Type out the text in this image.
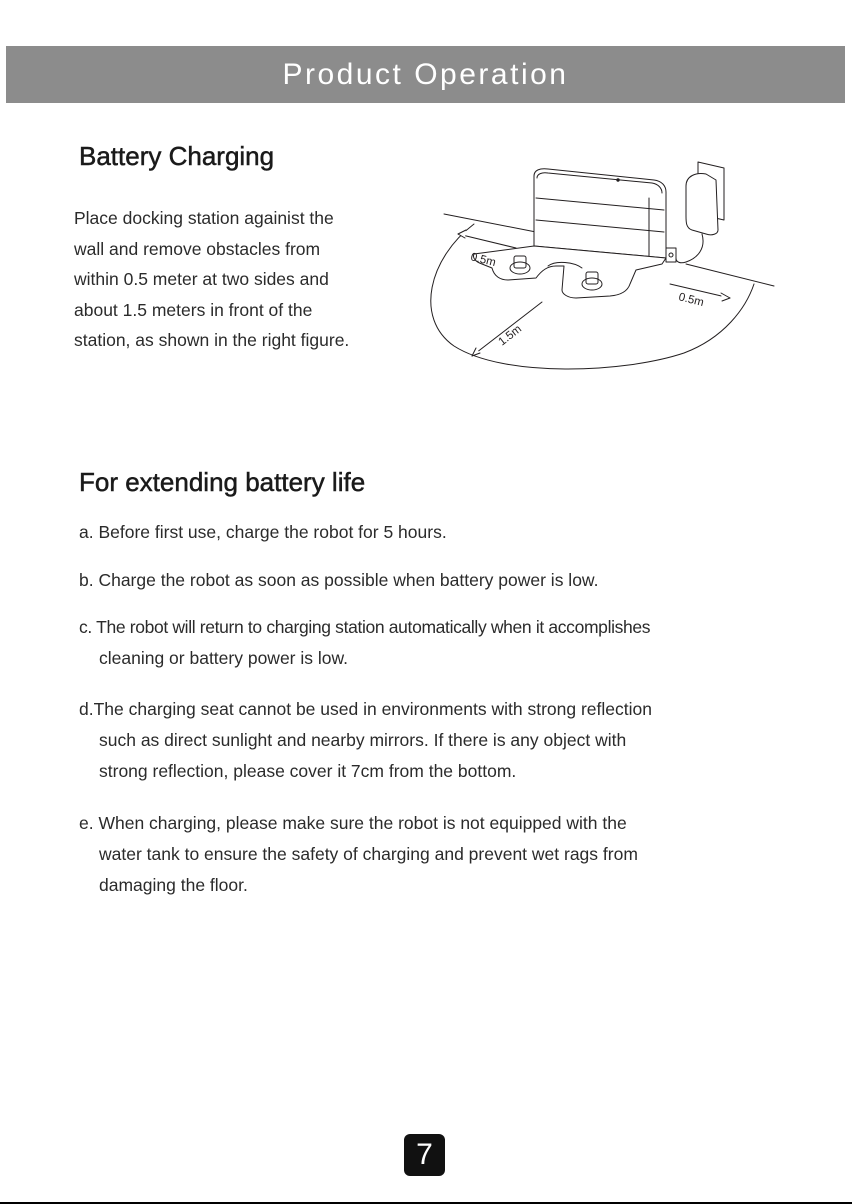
Product Operation
Battery Charging
Place docking station againist the
wall and remove obstacles from
within 0.5 meter at two sides and
about 1.5 meters in front of the
station, as shown in the right figure.
0.5m
0.5m
1.5m
For extending battery life
a. Before first use, charge the robot for 5 hours.
b. Charge the robot as soon as possible when battery power is low.
c. The robot will return to charging station automatically when it accomplishes
cleaning or battery power is low.
d.The charging seat cannot be used in environments with strong reflection
such as direct sunlight and nearby mirrors. If there is any object with
strong reflection, please cover it 7cm from the bottom.
e. When charging, please make sure the robot is not equipped with the
water tank to ensure the safety of charging and prevent wet rags from
damaging the floor.
7
